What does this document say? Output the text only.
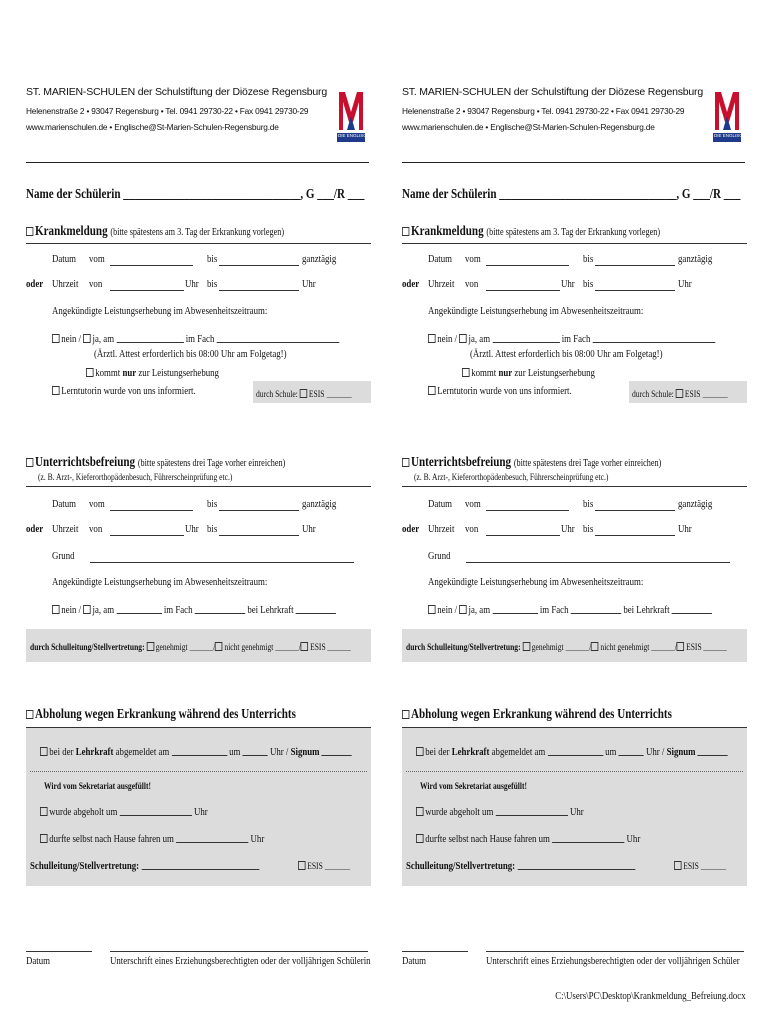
ST. MARIEN-SCHULEN der Schulstiftung der Diözese Regensburg
Helenenstraße 2 • 93047 Regensburg • Tel. 0941 29730-22 • Fax 0941 29730-29
www.marienschulen.de • Englische@St-Marien-Schulen-Regensburg.de
DIE ENGLISCHEN
Name der Schülerin ________________________________, G ___/R ___
Krankmeldung (bitte spätestens am 3. Tag der Erkrankung vorlegen)
Datum vom	bis	ganztägig
oder Uhrzeit von	Uhr bis	Uhr
Angekündigte Leistungserhebung im Abwesenheitszeitraum:
nein / ja, am	im Fach
(Ärztl. Attest erforderlich bis 08:00 Uhr am Folgetag!)
kommt nur zur Leistungserhebung
Lerntutorin wurde von uns informiert.	durch Schule: ESIS
Unterrichtsbefreiung (bitte spätestens drei Tage vorher einreichen)
(z. B. Arzt-, Kieferorthopädenbesuch, Führerscheinprüfung etc.)
Datum vom	bis	ganztägig
oder Uhrzeit von	Uhr bis	Uhr
Grund
Angekündigte Leistungserhebung im Abwesenheitszeitraum:
nein / ja, am	im Fach	bei Lehrkraft
durch Schulleitung/Stellvertretung: genehmigt	/ nicht genehmigt	/ ESIS
Abholung wegen Erkrankung während des Unterrichts
bei der Lehrkraft abgemeldet am	um	Uhr / Signum
Wird vom Sekretariat ausgefüllt!
wurde abgeholt um	Uhr
durfte selbst nach Hause fahren um	Uhr
Schulleitung/Stellvertretung:	ESIS
Datum	Unterschrift eines Erziehungsberechtigten oder der volljährigen Schülerin
ST. MARIEN-SCHULEN der Schulstiftung der Diözese Regensburg
Helenenstraße 2 • 93047 Regensburg • Tel. 0941 29730-22 • Fax 0941 29730-29
www.marienschulen.de • Englische@St-Marien-Schulen-Regensburg.de
DIE ENGLISCHEN
Name der Schülerin ________________________________, G ___/R ___
Krankmeldung (bitte spätestens am 3. Tag der Erkrankung vorlegen)
Datum vom	bis	ganztägig
oder Uhrzeit von	Uhr bis	Uhr
Angekündigte Leistungserhebung im Abwesenheitszeitraum:
nein / ja, am	im Fach
(Ärztl. Attest erforderlich bis 08:00 Uhr am Folgetag!)
kommt nur zur Leistungserhebung
Lerntutorin wurde von uns informiert.	durch Schule: ESIS
Unterrichtsbefreiung (bitte spätestens drei Tage vorher einreichen)
(z. B. Arzt-, Kieferorthopädenbesuch, Führerscheinprüfung etc.)
Datum vom	bis	ganztägig
oder Uhrzeit von	Uhr bis	Uhr
Grund
Angekündigte Leistungserhebung im Abwesenheitszeitraum:
nein / ja, am	im Fach	bei Lehrkraft
durch Schulleitung/Stellvertretung: genehmigt	/ nicht genehmigt	/ ESIS
Abholung wegen Erkrankung während des Unterrichts
bei der Lehrkraft abgemeldet am	um	Uhr / Signum
Wird vom Sekretariat ausgefüllt!
wurde abgeholt um	Uhr
durfte selbst nach Hause fahren um	Uhr
Schulleitung/Stellvertretung:	ESIS
Datum	Unterschrift eines Erziehungsberechtigten oder der volljährigen Schüler
C:\Users\PC\Desktop\Krankmeldung_Befreiung.docx
